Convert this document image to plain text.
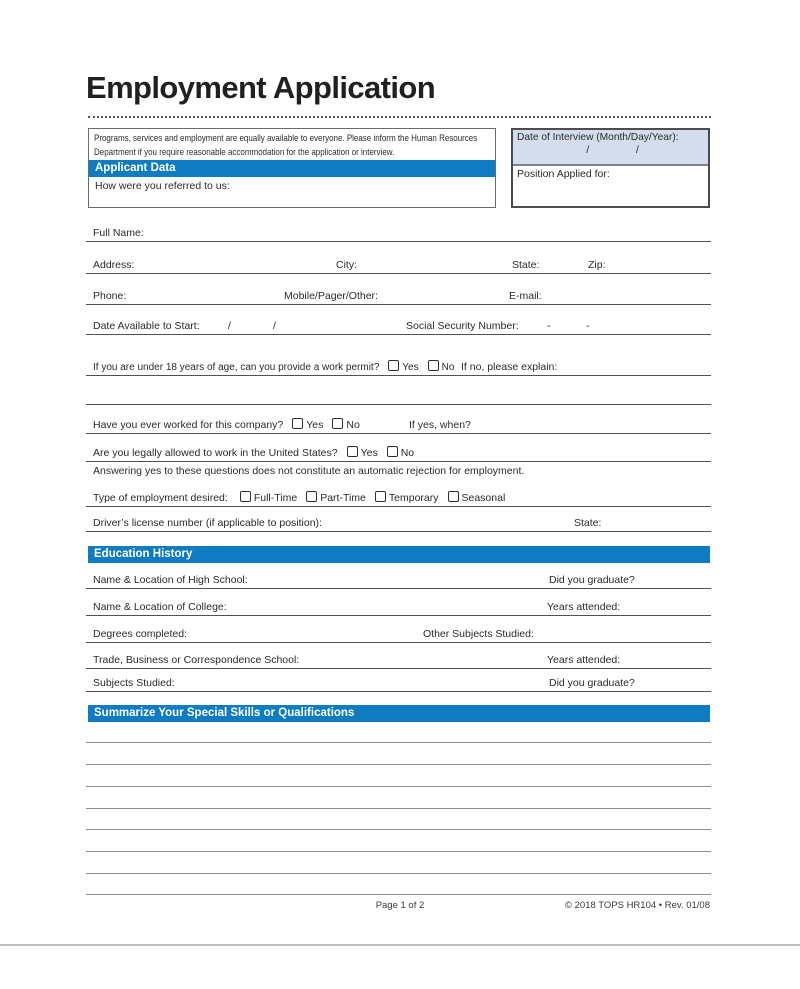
Employment Application
Programs, services and employment are equally available to everyone. Please inform the Human Resources
Department if you require reasonable accommodation for the application or interview.
Applicant Data
How were you referred to us:
Date of Interview (Month/Day/Year):
/                /
Position Applied for:
Full Name:
Address:	City:	State:	Zip:
Phone:	Mobile/Pager/Other:	E-mail:
Date Available to Start:	/	/	Social Security Number:	-	-
If you are under 18 years of age, can you provide a work permit? Yes No If no, please explain:
Have you ever worked for this company? Yes No	If yes, when?
Are you legally allowed to work in the United States? Yes No
Answering yes to these questions does not constitute an automatic rejection for employment.
Type of employment desired: Full-Time Part-Time Temporary Seasonal
Driver’s license number (if applicable to position):	State:
Education History
Name & Location of High School:	Did you graduate?
Name & Location of College:	Years attended:
Degrees completed:	Other Subjects Studied:
Trade, Business or Correspondence School:	Years attended:
Subjects Studied:	Did you graduate?
Summarize Your Special Skills or Qualifications
Page 1 of 2	© 2018 TOPS HR104 • Rev. 01/08
